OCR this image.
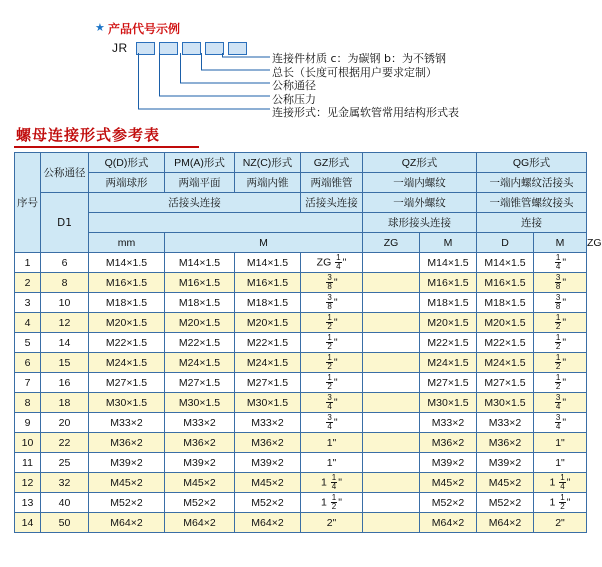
★ 产品代号示例
JR
连接件材质 c：为碳钢 b：为不锈钢
总长（长度可根据用户要求定制）
公称通径
公称压力
连接形式：见金属软管常用结构形式表
螺母连接形式参考表
序号	公称通径	Q(D)形式	PM(A)形式	NZ(C)形式	GZ形式	QZ形式		QG形式		
		两端球形	两端平面	两端内锥	两端锥管	一端内螺纹		一端内螺纹活接头		
	D1	活接头连接			活接头连接	一端外螺纹		一端锥管螺纹接头		
						球形接头连接		连接		
		mm	M			ZG	M	D	M	ZG
1	6	M14×1.5	M14×1.5	M14×1.5	ZG $\frac{1}{4}$ "		M14×1.5	M14×1.5	$\frac{1}{4}$ "	
2	8	M16×1.5	M16×1.5	M16×1.5	$\frac{3}{8}$ "		M16×1.5	M16×1.5	$\frac{3}{8}$ "	
3	10	M18×1.5	M18×1.5	M18×1.5	$\frac{3}{8}$ "		M18×1.5	M18×1.5	$\frac{3}{8}$ "	
4	12	M20×1.5	M20×1.5	M20×1.5	$\frac{1}{2}$ "		M20×1.5	M20×1.5	$\frac{1}{2}$ "	
5	14	M22×1.5	M22×1.5	M22×1.5	$\frac{1}{2}$ "		M22×1.5	M22×1.5	$\frac{1}{2}$ "	
6	15	M24×1.5	M24×1.5	M24×1.5	$\frac{1}{2}$ "		M24×1.5	M24×1.5	$\frac{1}{2}$ "	
7	16	M27×1.5	M27×1.5	M27×1.5	$\frac{1}{2}$ "		M27×1.5	M27×1.5	$\frac{1}{2}$ "	
8	18	M30×1.5	M30×1.5	M30×1.5	$\frac{3}{4}$ "		M30×1.5	M30×1.5	$\frac{3}{4}$ "	
9	20	M33×2	M33×2	M33×2	$\frac{3}{4}$ "		M33×2	M33×2	$\frac{3}{4}$ "	
10	22	M36×2	M36×2	M36×2	1"		M36×2	M36×2	1"	
11	25	M39×2	M39×2	M39×2	1"		M39×2	M39×2	1"	
12	32	M45×2	M45×2	M45×2	$1 \frac{1}{4}$ "		M45×2	M45×2	$1 \frac{1}{4}$ "	
13	40	M52×2	M52×2	M52×2	$1 \frac{1}{2}$ "		M52×2	M52×2	$1 \frac{1}{2}$ "	
14	50	M64×2	M64×2	M64×2	2"		M64×2	M64×2	2"	
